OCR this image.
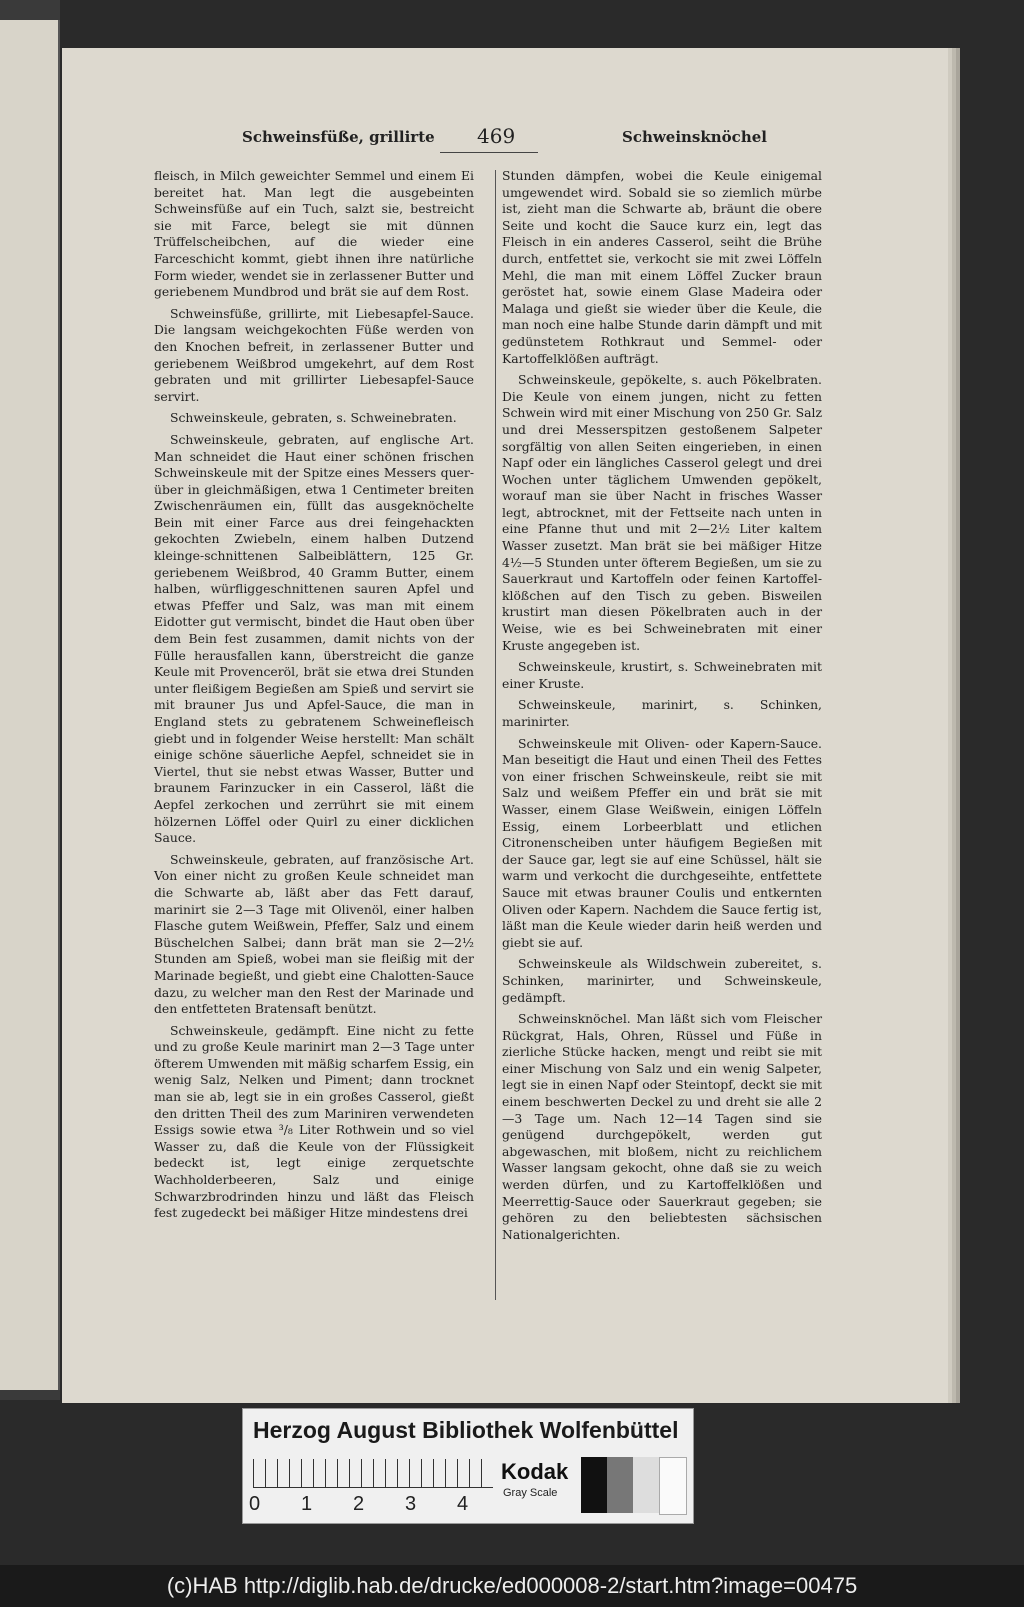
Schweinsfüße, grillirte 469	Schweinsknöchel

fleisch, in Milch geweichter Semmel und einem Ei bereitet hat. Man legt die ausgebeinten Schweinsfüße auf ein Tuch, salzt sie, bestreicht sie mit Farce, belegt sie mit dünnen Trüffelscheibchen, auf die wieder eine Farceschicht kommt, giebt ihnen ihre natürliche Form wieder, wendet sie in zerlassener Butter und geriebenem Mundbrod und brät sie auf dem Rost.

Schweinsfüße, grillirte, mit Liebesapfel-Sauce. Die langsam weichgekochten Füße werden von den Knochen befreit, in zerlassener Butter und geriebenem Weißbrod umgekehrt, auf dem Rost gebraten und mit grillirter Liebesapfel-Sauce servirt.

Schweinskeule, gebraten, s. Schweinebraten.

Schweinskeule, gebraten, auf englische Art. Man schneidet die Haut einer schönen frischen Schweinskeule mit der Spitze eines Messers quer-über in gleichmäßigen, etwa 1 Centimeter breiten Zwischenräumen ein, füllt das ausgeknöchelte Bein mit einer Farce aus drei feingehackten gekochten Zwiebeln, einem halben Dutzend kleinge-schnittenen Salbeiblättern, 125 Gr. geriebenem Weißbrod, 40 Gramm Butter, einem halben, würfliggeschnittenen sauren Apfel und etwas Pfeffer und Salz, was man mit einem Eidotter gut vermischt, bindet die Haut oben über dem Bein fest zusammen, damit nichts von der Fülle herausfallen kann, überstreicht die ganze Keule mit Provenceröl, brät sie etwa drei Stunden unter fleißigem Begießen am Spieß und servirt sie mit brauner Jus und Apfel-Sauce, die man in England stets zu gebratenem Schweinefleisch giebt und in folgender Weise herstellt: Man schält einige schöne säuerliche Aepfel, schneidet sie in Viertel, thut sie nebst etwas Wasser, Butter und braunem Farinzucker in ein Casserol, läßt die Aepfel zerkochen und zerrührt sie mit einem hölzernen Löffel oder Quirl zu einer dicklichen Sauce.

Schweinskeule, gebraten, auf französische Art. Von einer nicht zu großen Keule schneidet man die Schwarte ab, läßt aber das Fett darauf, marinirt sie 2—3 Tage mit Olivenöl, einer halben Flasche gutem Weißwein, Pfeffer, Salz und einem Büschelchen Salbei; dann brät man sie 2—2½ Stunden am Spieß, wobei man sie fleißig mit der Marinade begießt, und giebt eine Chalotten-Sauce dazu, zu welcher man den Rest der Marinade und den entfetteten Bratensaft benützt.

Schweinskeule, gedämpft. Eine nicht zu fette und zu große Keule marinirt man 2—3 Tage unter öfterem Umwenden mit mäßig scharfem Essig, ein wenig Salz, Nelken und Piment; dann trocknet man sie ab, legt sie in ein großes Casserol, gießt den dritten Theil des zum Mariniren verwendeten Essigs sowie etwa ³/₈ Liter Rothwein und so viel Wasser zu, daß die Keule von der Flüssigkeit bedeckt ist, legt einige zerquetschte Wachholderbeeren, Salz und einige Schwarzbrodrinden hinzu und läßt das Fleisch fest zugedeckt bei mäßiger Hitze mindestens drei

Stunden dämpfen, wobei die Keule einigemal umgewendet wird. Sobald sie so ziemlich mürbe ist, zieht man die Schwarte ab, bräunt die obere Seite und kocht die Sauce kurz ein, legt das Fleisch in ein anderes Casserol, seiht die Brühe durch, entfettet sie, verkocht sie mit zwei Löffeln Mehl, die man mit einem Löffel Zucker braun geröstet hat, sowie einem Glase Madeira oder Malaga und gießt sie wieder über die Keule, die man noch eine halbe Stunde darin dämpft und mit gedünstetem Rothkraut und Semmel- oder Kartoffelklößen aufträgt.

Schweinskeule, gepökelte, s. auch Pökelbraten. Die Keule von einem jungen, nicht zu fetten Schwein wird mit einer Mischung von 250 Gr. Salz und drei Messerspitzen gestoßenem Salpeter sorgfältig von allen Seiten eingerieben, in einen Napf oder ein längliches Casserol gelegt und drei Wochen unter täglichem Umwenden gepökelt, worauf man sie über Nacht in frisches Wasser legt, abtrocknet, mit der Fettseite nach unten in eine Pfanne thut und mit 2—2½ Liter kaltem Wasser zusetzt. Man brät sie bei mäßiger Hitze 4½—5 Stunden unter öfterem Begießen, um sie zu Sauerkraut und Kartoffeln oder feinen Kartoffel-klößchen auf den Tisch zu geben. Bisweilen krustirt man diesen Pökelbraten auch in der Weise, wie es bei Schweinebraten mit einer Kruste angegeben ist.

Schweinskeule, krustirt, s. Schweinebraten mit einer Kruste.

Schweinskeule, marinirt, s. Schinken, marinirter.

Schweinskeule mit Oliven- oder Kapern-Sauce. Man beseitigt die Haut und einen Theil des Fettes von einer frischen Schweinskeule, reibt sie mit Salz und weißem Pfeffer ein und brät sie mit Wasser, einem Glase Weißwein, einigen Löffeln Essig, einem Lorbeerblatt und etlichen Citronenscheiben unter häufigem Begießen mit der Sauce gar, legt sie auf eine Schüssel, hält sie warm und verkocht die durchgeseihte, entfettete Sauce mit etwas brauner Coulis und entkernten Oliven oder Kapern. Nachdem die Sauce fertig ist, läßt man die Keule wieder darin heiß werden und giebt sie auf.

Schweinskeule als Wildschwein zubereitet, s. Schinken, marinirter, und Schweinskeule, gedämpft.

Schweinsknöchel. Man läßt sich vom Fleischer Rückgrat, Hals, Ohren, Rüssel und Füße in zierliche Stücke hacken, mengt und reibt sie mit einer Mischung von Salz und ein wenig Salpeter, legt sie in einen Napf oder Steintopf, deckt sie mit einem beschwerten Deckel zu und dreht sie alle 2—3 Tage um. Nach 12—14 Tagen sind sie genügend durchgepökelt, werden gut abgewaschen, mit bloßem, nicht zu reichlichem Wasser langsam gekocht, ohne daß sie zu weich werden dürfen, und zu Kartoffelklößen und Meerrettig-Sauce oder Sauerkraut gegeben; sie gehören zu den beliebtesten sächsischen Nationalgerichten.

Herzog August Bibliothek Wolfenbüttel
0 1 2 3 4
Kodak
Gray Scale
(c)HAB http://diglib.hab.de/drucke/ed000008-2/start.htm?image=00475
